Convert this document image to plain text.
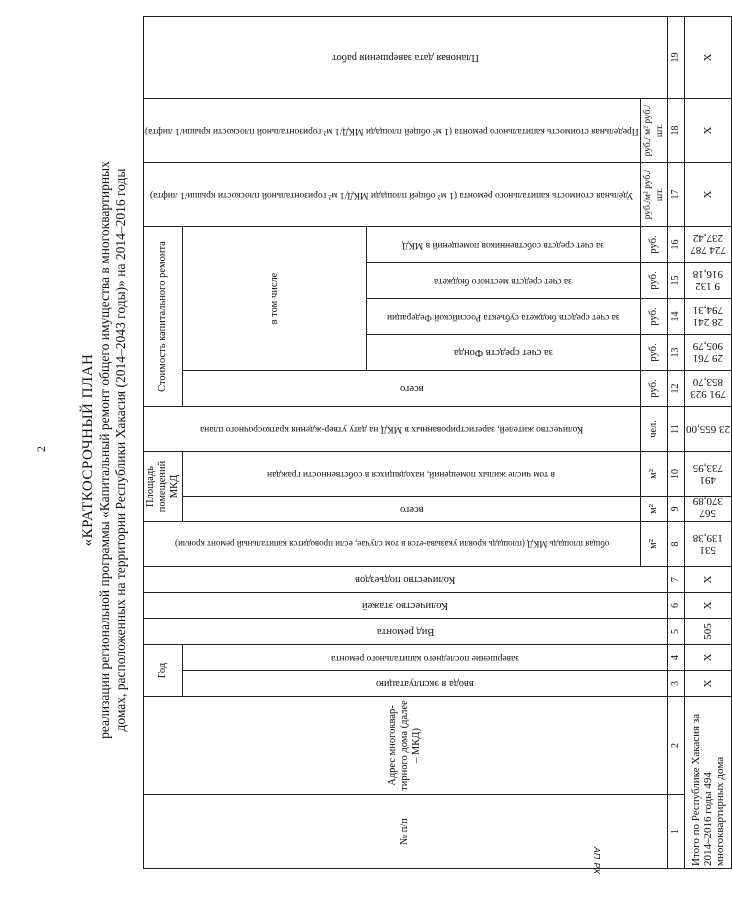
2 «КРАТКОСРОЧНЫЙ ПЛАН реализации региональной программы «Капитальный ремонт общего имущества в многоквартирных домах, расположенных на территории Республики Хакасия (2014–2043 годы)» на 2014–2016 годы
№ п/п	Адрес многоквар-тирного дома (далее – МКД)	Год		Вид ремонта	Количество этажей	Количество подъездов	общая площадь МКД (площадь кровли указыва-ется в том случае, если проводится капитальный ремонт кровли)	Площадь помещений МКД		Количество жителей, зарегистрированных в МКД на дату утвер-ждения краткосрочного плана	Стоимость капитального ремонта					Удельная стоимость капитального ремонта (1 м² общей площади МКД/1 м² горизонтальной плоскости крыши/1 лифта)	Предельная стоимость капитального ремонта (1 м² общей площади МКД/1 м² горизонтальной плоскости крыши/1 лифта)	Плановая дата завершения работ

		ввода в эксплуатацию	завершение последнего капитального ремонта					всего	в том числе жилых помещений, находящихся в собственности граждан		всего	в том числе						

												за счет средств Фонда	за счет средств бюджета субъекта Российской Федерации	за счет средств местного бюджета	за счет средств собственников помещений в МКД			

							м²	м²	м²	чел.	руб.	руб.	руб.	руб.	руб.	руб./м² руб./шт.	руб./ м² руб./шт.	
1	2	3	4	5	6	7	8	9	10	11	12	13	14	15	16	17	18	19
Итого по Республике Хакасия за 2014–2016 годы 494 многоквартирных дома		Х	Х	505	Х	Х	531 139,38	567 370,89	491 733,95	23 655,00	791 923 853,70	29 761 905,79	28 241 794,31	9 132 916,18	724 787 237,42	Х	Х	Х
АП РХ
